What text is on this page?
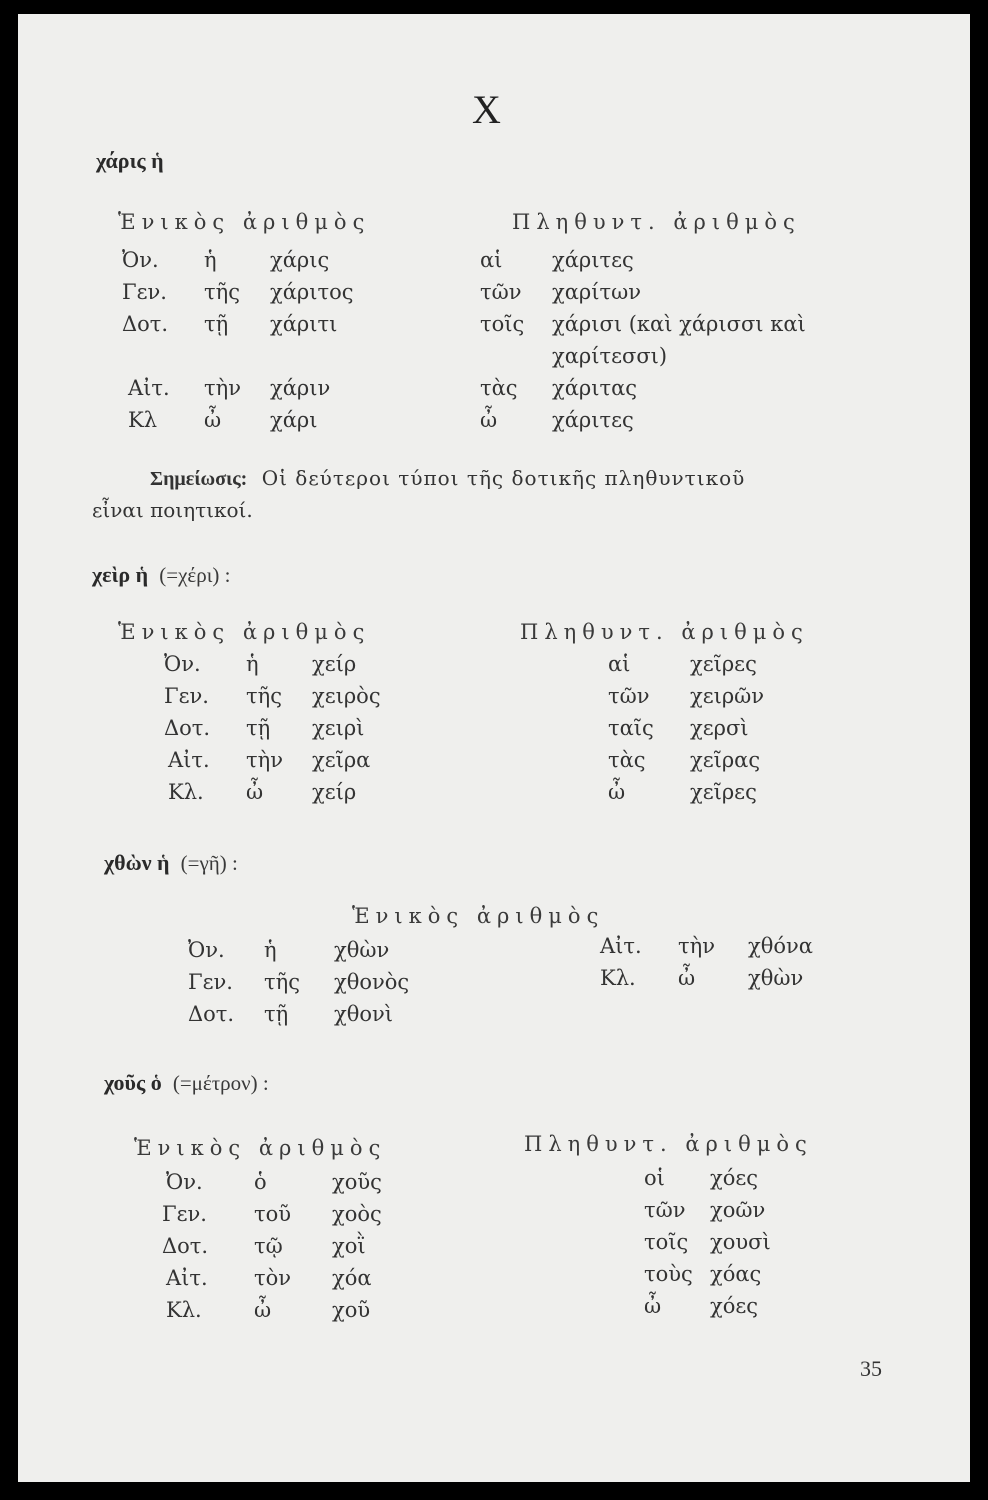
Χ
χάρις ἡ
Ἑνικὸς ἀριθμὸς	Πληθυντ. ἀριθμὸς
Ὀν. ἡ	χάρις	αἱ χάριτες
Γεν. τῆς χάριτος	τῶν χαρίτων
Δοτ. τῇ χάριτι	τοῖς χάρισι (καὶ χάρισσι καὶ
χαρίτεσσι)
Αἰτ. τὴν χάριν	τὰς χάριτας
Κλ ὦ χάρι	ὦ	χάριτες
Σημείωσις: Οἱ δεύτεροι τύποι τῆς δοτικῆς πληθυντικοῦ
εἶναι ποιητικοί.
χεὶρ ἡ (=χέρι) :
Ἑνικὸς ἀριθμὸς	Πληθυντ. ἀριθμὸς
Ὀν. ἡ	χείρ	αἱ	χεῖρες
Γεν. τῆς χειρὸς	τῶν χειρῶν
Δοτ. τῇ χειρὶ	ταῖς χερσὶ
Αἰτ. τὴν χεῖρα	τὰς χεῖρας
Κλ. ὦ χείρ	ὦ	χεῖρες
χθὼν ἡ (=γῆ) :
Ἑνικὸς ἀριθμὸς
Ὀν. ἡ	χθὼν
Γεν. τῆς χθονὸς
Δοτ. τῇ χθονὶ
Αἰτ. τὴν χθόνα
Κλ. ὦ	χθὼν
χοῦς ὁ (=μέτρον) :
Ἑνικὸς ἀριθμὸς	Πληθυντ. ἀριθμὸς
Ὀν. ὁ	χοῦς	οἱ χόες
Γεν. τοῦ χοὸς	τῶν χοῶν
Δοτ. τῷ χοῒ	τοῖς χουσὶ
Αἰτ. τὸν χόα	τοὺς χόας
Κλ. ὦ	χοῦ	ὦ χόες
35
